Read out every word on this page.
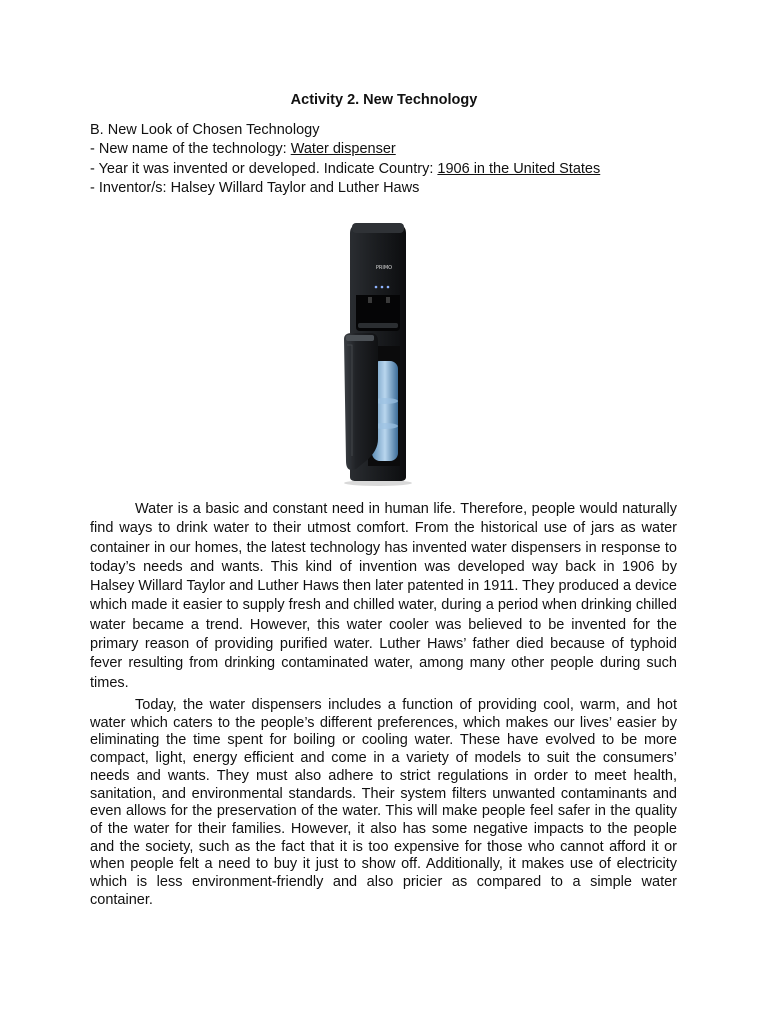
Activity 2. New Technology
B. New Look of Chosen Technology
- New name of the technology: Water dispenser
- Year it was invented or developed. Indicate Country: 1906 in the United States
- Inventor/s: Halsey Willard Taylor and Luther Haws
PRIMO
Water is a basic and constant need in human life. Therefore, people would naturally find ways to drink water to their utmost comfort. From the historical use of jars as water container in our homes, the latest technology has invented water dispensers in response to today’s needs and wants. This kind of invention was developed way back in 1906 by Halsey Willard Taylor and Luther Haws then later patented in 1911. They produced a device which made it easier to supply fresh and chilled water, during a period when drinking chilled water became a trend. However, this water cooler was believed to be invented for the primary reason of providing purified water. Luther Haws’ father died because of typhoid fever resulting from drinking contaminated water, among many other people during such times.
Today, the water dispensers includes a function of providing cool, warm, and hot water which caters to the people’s different preferences, which makes our lives’ easier by eliminating the time spent for boiling or cooling water. These have evolved to be more compact, light, energy efficient and come in a variety of models to suit the consumers’ needs and wants. They must also adhere to strict regulations in order to meet health, sanitation, and environmental standards. Their system filters unwanted contaminants and even allows for the preservation of the water. This will make people feel safer in the quality of the water for their families. However, it also has some negative impacts to the people and the society, such as the fact that it is too expensive for those who cannot afford it or when people felt a need to buy it just to show off. Additionally, it makes use of electricity which is less environment-friendly and also pricier as compared to a simple water container.
